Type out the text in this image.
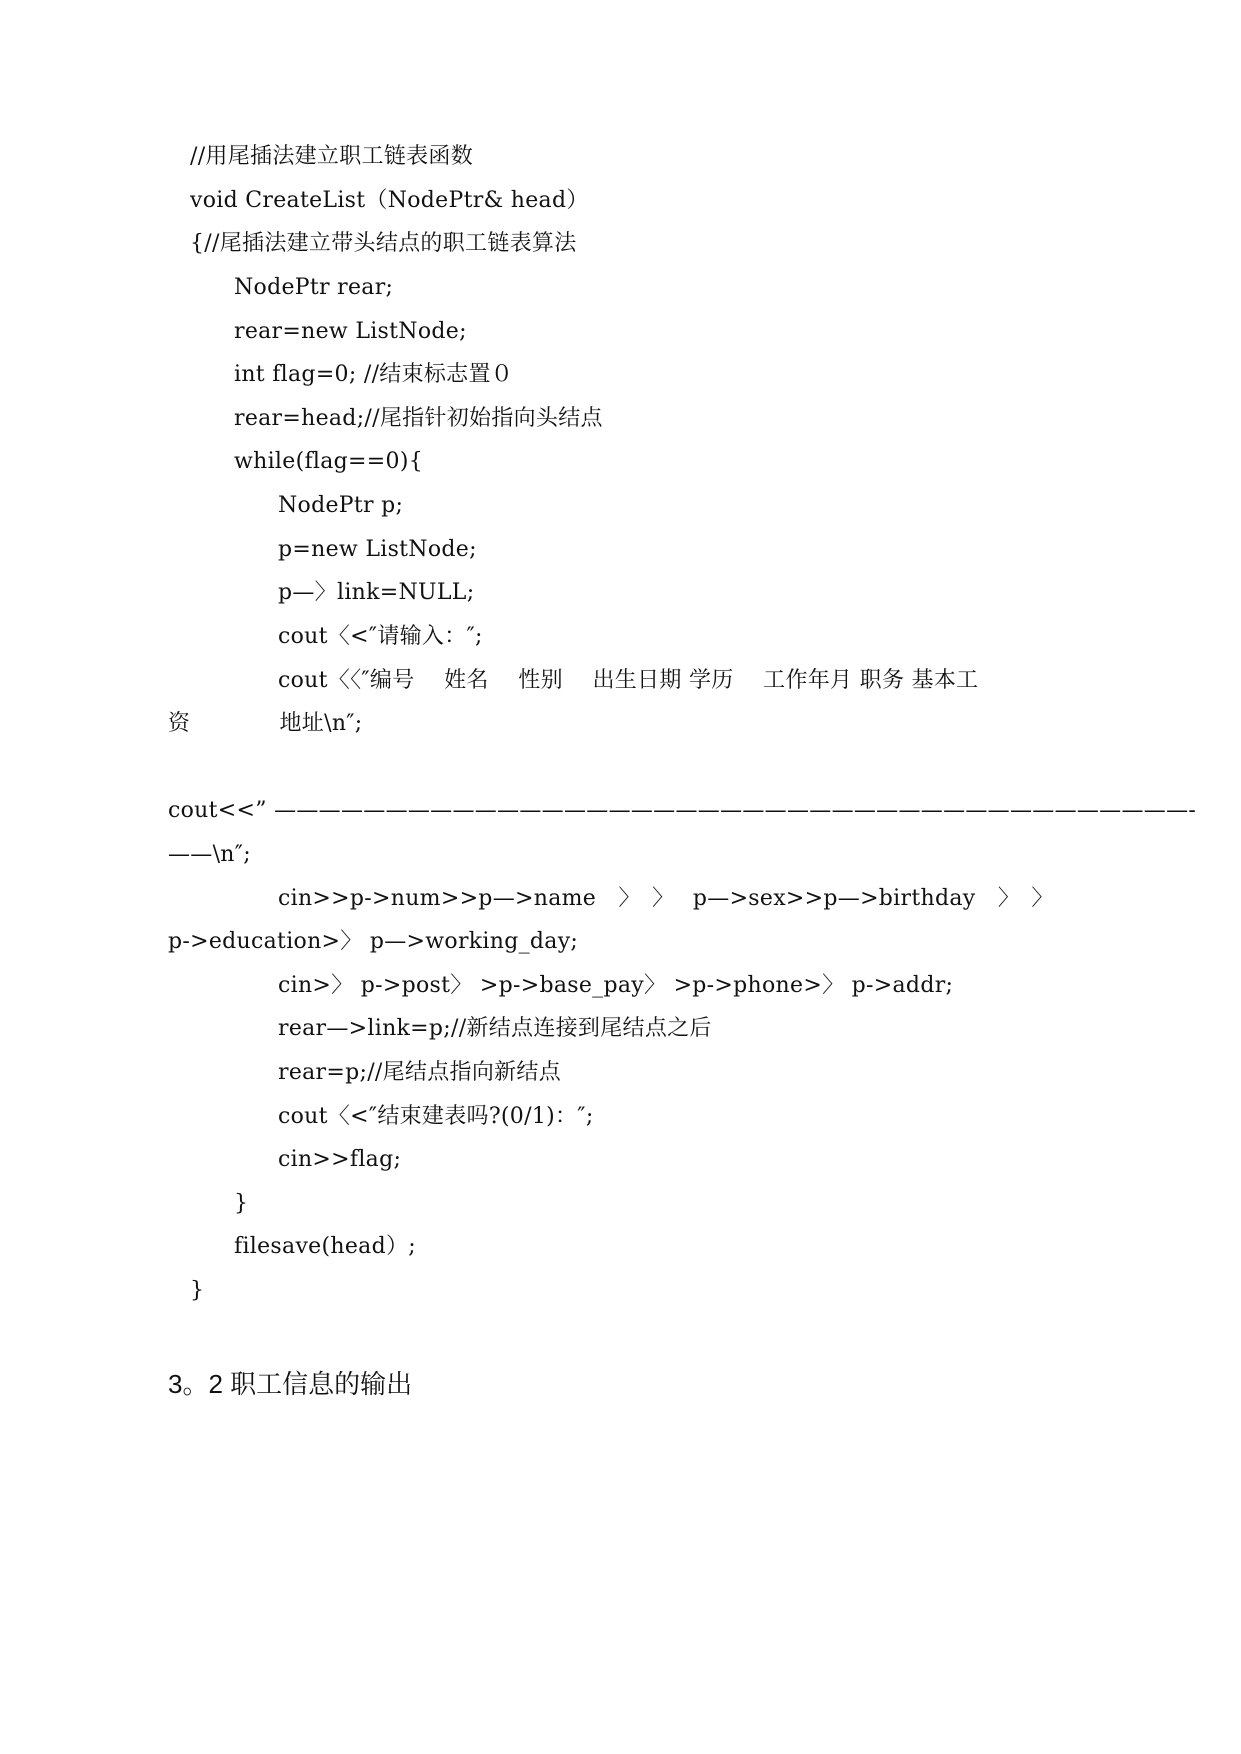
//用尾插法建立职工链表函数
void CreateList（NodePtr& head）
{//尾插法建立带头结点的职工链表算法
NodePtr rear;
rear=new ListNode;
int flag=0; //结束标志置０
rear=head;//尾指针初始指向头结点
while(flag==0){
NodePtr p;
p=new ListNode;
p—〉link=NULL;
cout〈<″请输入：″;
cout〈〈″编号　 姓名　 性别　 出生日期 学历　 工作年月 职务 基本工
资　　　　地址\n″;
cout<<” —————————————————————————————————————————-
——\n″;
cin>>p->num>>p—>name　〉　〉　 p—>sex>>p—>birthday　〉　〉
p->education>〉 p—>working_day;
cin>〉 p->post〉 >p->base_pay〉 >p->phone>〉 p->addr;
rear—>link=p;//新结点连接到尾结点之后
rear=p;//尾结点指向新结点
cout〈<″结束建表吗?(0/1)：″;
cin>>flag;
}
filesave(head）;
}
3。2 职工信息的输出
